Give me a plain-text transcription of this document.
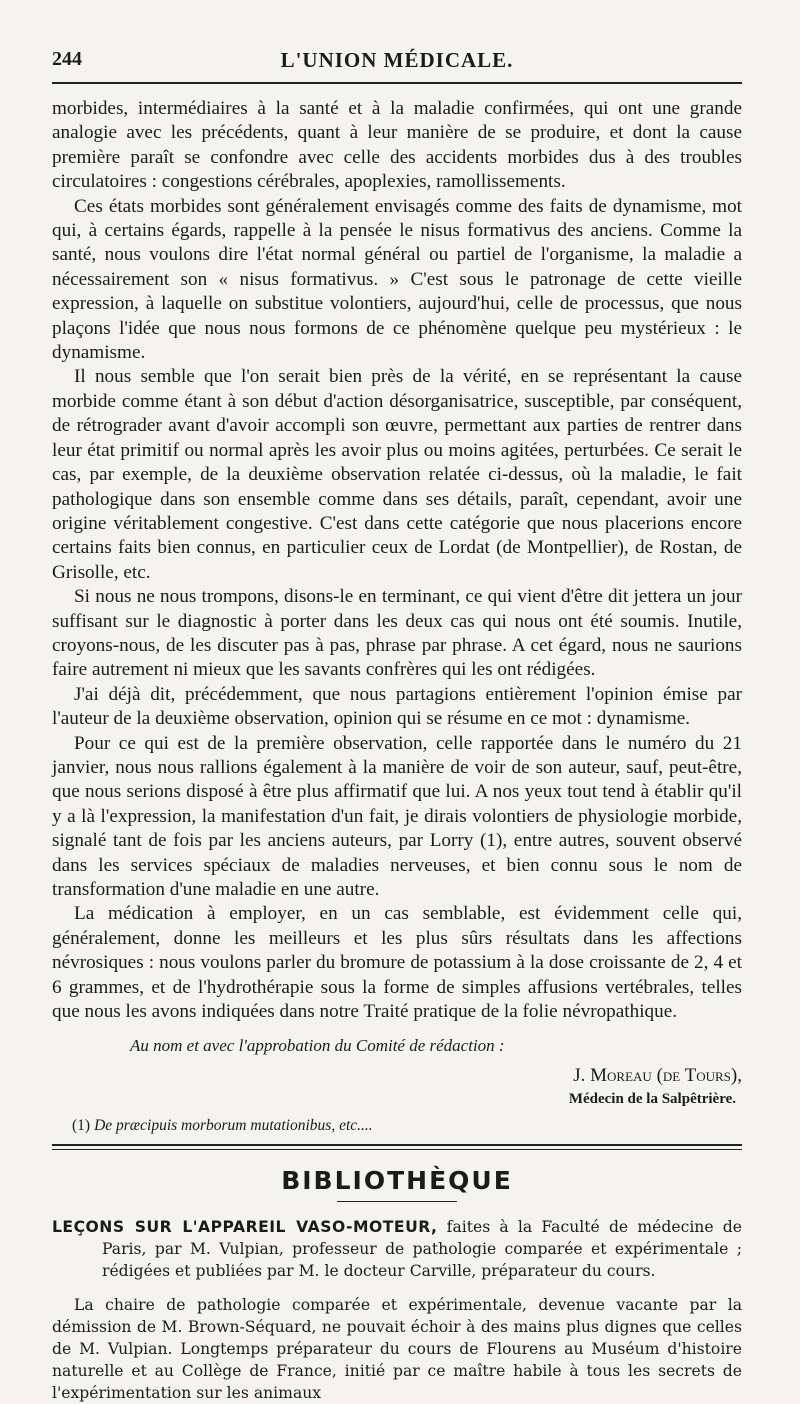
244	L'UNION MÉDICALE.

morbides, intermédiaires à la santé et à la maladie confirmées, qui ont une grande analogie avec les précédents, quant à leur manière de se produire, et dont la cause première paraît se confondre avec celle des accidents morbides dus à des troubles circulatoires : congestions cérébrales, apoplexies, ramollissements.

Ces états morbides sont généralement envisagés comme des faits de dynamisme, mot qui, à certains égards, rappelle à la pensée le nisus formativus des anciens. Comme la santé, nous voulons dire l'état normal général ou partiel de l'organisme, la maladie a nécessairement son « nisus formativus. » C'est sous le patronage de cette vieille expression, à laquelle on substitue volontiers, aujourd'hui, celle de processus, que nous plaçons l'idée que nous nous formons de ce phénomène quelque peu mystérieux : le dynamisme.

Il nous semble que l'on serait bien près de la vérité, en se représentant la cause morbide comme étant à son début d'action désorganisatrice, susceptible, par conséquent, de rétrograder avant d'avoir accompli son œuvre, permettant aux parties de rentrer dans leur état primitif ou normal après les avoir plus ou moins agitées, perturbées. Ce serait le cas, par exemple, de la deuxième observation relatée ci-dessus, où la maladie, le fait pathologique dans son ensemble comme dans ses détails, paraît, cependant, avoir une origine véritablement congestive. C'est dans cette catégorie que nous placerions encore certains faits bien connus, en particulier ceux de Lordat (de Montpellier), de Rostan, de Grisolle, etc.

Si nous ne nous trompons, disons-le en terminant, ce qui vient d'être dit jettera un jour suffisant sur le diagnostic à porter dans les deux cas qui nous ont été soumis. Inutile, croyons-nous, de les discuter pas à pas, phrase par phrase. A cet égard, nous ne saurions faire autrement ni mieux que les savants confrères qui les ont rédigées.

J'ai déjà dit, précédemment, que nous partagions entièrement l'opinion émise par l'auteur de la deuxième observation, opinion qui se résume en ce mot : dynamisme.

Pour ce qui est de la première observation, celle rapportée dans le numéro du 21 janvier, nous nous rallions également à la manière de voir de son auteur, sauf, peut-être, que nous serions disposé à être plus affirmatif que lui. A nos yeux tout tend à établir qu'il y a là l'expression, la manifestation d'un fait, je dirais volontiers de physiologie morbide, signalé tant de fois par les anciens auteurs, par Lorry (1), entre autres, souvent observé dans les services spéciaux de maladies nerveuses, et bien connu sous le nom de transformation d'une maladie en une autre.

La médication à employer, en un cas semblable, est évidemment celle qui, généralement, donne les meilleurs et les plus sûrs résultats dans les affections névrosiques : nous voulons parler du bromure de potassium à la dose croissante de 2, 4 et 6 grammes, et de l'hydrothérapie sous la forme de simples affusions vertébrales, telles que nous les avons indiquées dans notre Traité pratique de la folie névropathique.

Au nom et avec l'approbation du Comité de rédaction :
J. Moreau (de Tours),
Médecin de la Salpêtrière.
(1) De præcipuis morborum mutationibus, etc....
BIBLIOTHÈQUE

LEÇONS SUR L'APPAREIL VASO-MOTEUR, faites à la Faculté de médecine de Paris, par M. Vulpian, professeur de pathologie comparée et expérimentale ; rédigées et publiées par M. le docteur Carville, préparateur du cours.

La chaire de pathologie comparée et expérimentale, devenue vacante par la démission de M. Brown-Séquard, ne pouvait échoir à des mains plus dignes que celles de M. Vulpian. Longtemps préparateur du cours de Flourens au Muséum d'histoire naturelle et au Collège de France, initié par ce maître habile à tous les secrets de l'expérimentation sur les animaux
